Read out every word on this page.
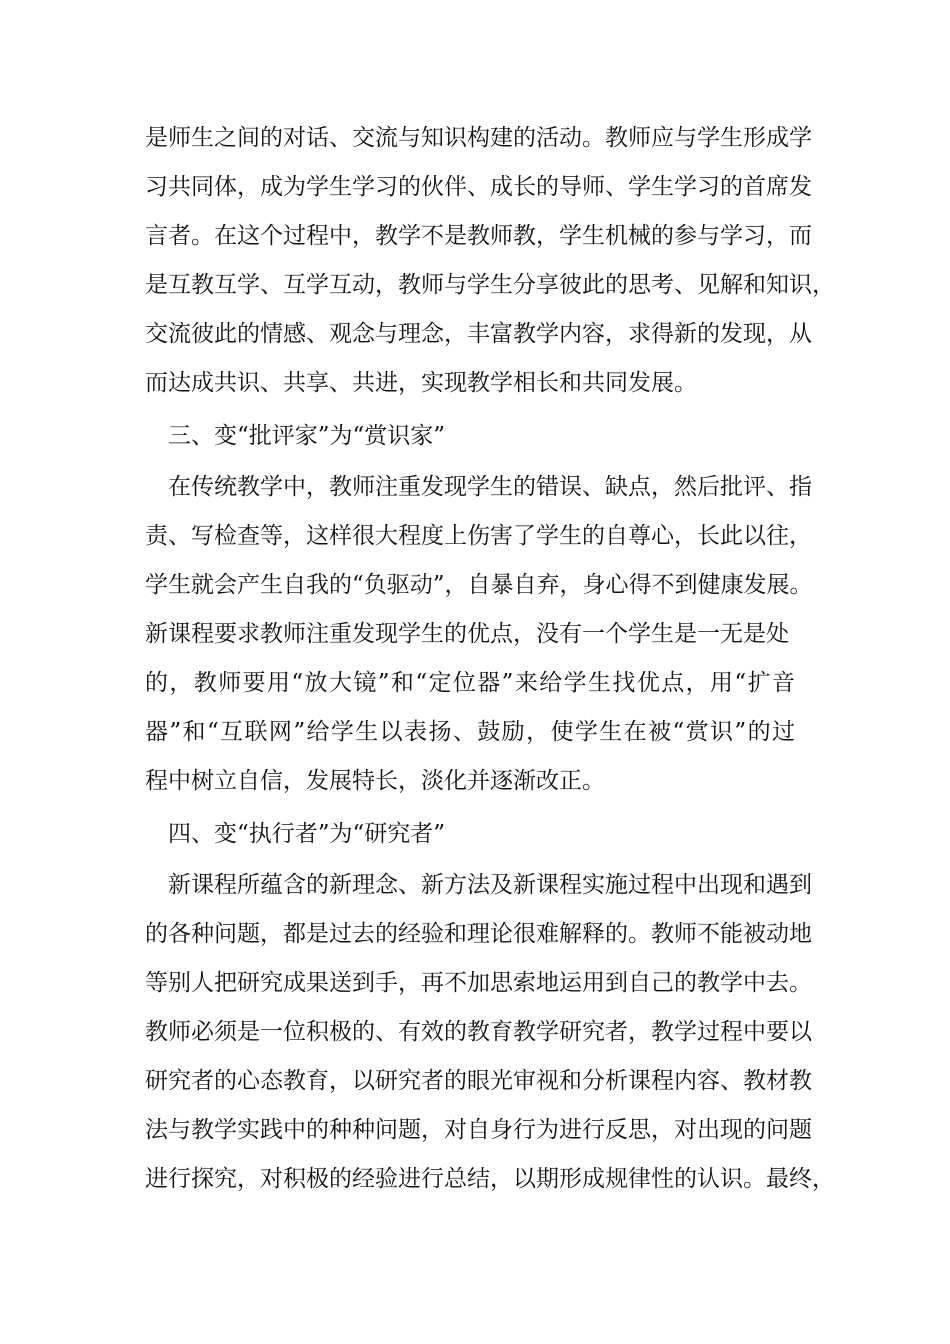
是师生之间的对话、交流与知识构建的活动。教师应与学生形成学
习共同体，成为学生学习的伙伴、成长的导师、学生学习的首席发
言者。在这个过程中，教学不是教师教，学生机械的参与学习，而
是互教互学、互学互动，教师与学生分享彼此的思考、见解和知识，
交流彼此的情感、观念与理念，丰富教学内容，求得新的发现，从
而达成共识、共享、共进，实现教学相长和共同发展。
三、变“批评家”为“赏识家”
在传统教学中，教师注重发现学生的错误、缺点，然后批评、指
责、写检查等，这样很大程度上伤害了学生的自尊心，长此以往，
学生就会产生自我的“负驱动”，自暴自弃，身心得不到健康发展。
新课程要求教师注重发现学生的优点，没有一个学生是一无是处
的，教师要用“放大镜”和“定位器”来给学生找优点，用“扩音
器”和“互联网”给学生以表扬、鼓励，使学生在被“赏识”的过
程中树立自信，发展特长，淡化并逐渐改正。
四、变“执行者”为“研究者”
新课程所蕴含的新理念、新方法及新课程实施过程中出现和遇到
的各种问题，都是过去的经验和理论很难解释的。教师不能被动地
等别人把研究成果送到手，再不加思索地运用到自己的教学中去。
教师必须是一位积极的、有效的教育教学研究者，教学过程中要以
研究者的心态教育，以研究者的眼光审视和分析课程内容、教材教
法与教学实践中的种种问题，对自身行为进行反思，对出现的问题
进行探究，对积极的经验进行总结，以期形成规律性的认识。最终，
